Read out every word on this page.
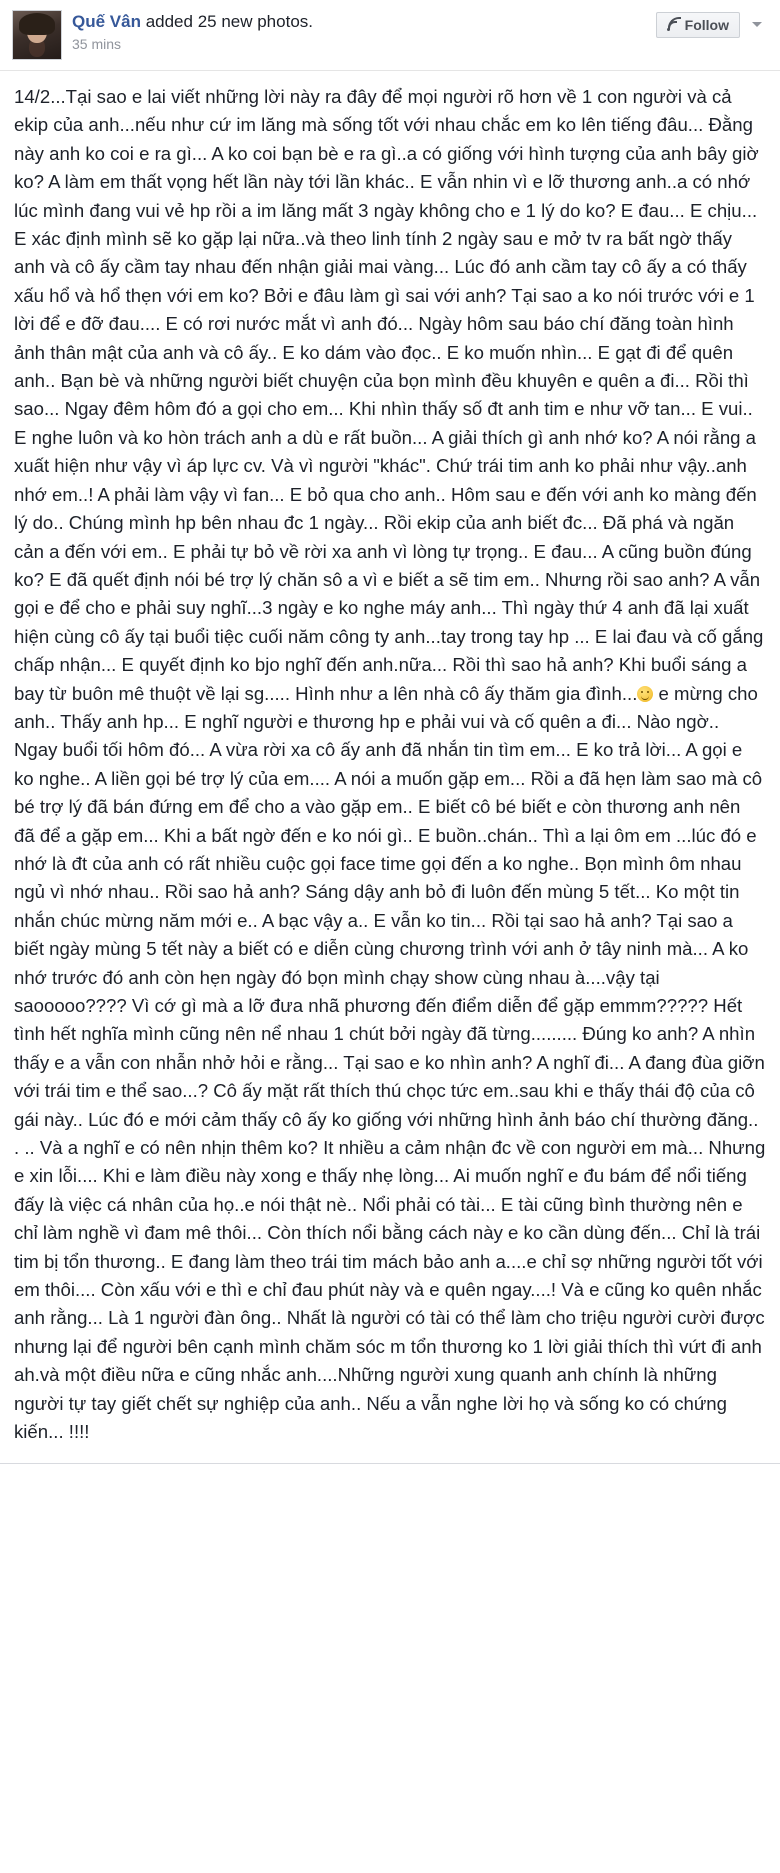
Quế Vân added 25 new photos.
35 mins
Follow
14/2...Tại sao e lai viết những lời này ra đây để mọi người rõ hơn về 1 con người và cả ekip của anh...nếu như cứ im lăng mà sống tốt với nhau chắc em ko lên tiếng đâu... Đằng này anh ko coi e ra gì... A ko coi bạn bè e ra gì..a có giống với hình tượng của anh bây giờ ko? A làm em thất vọng hết lần này tới lần khác.. E vẫn nhin vì e lỡ thương anh..a có nhớ lúc mình đang vui vẻ hp rồi a im lăng mất 3 ngày không cho e 1 lý do ko? E đau... E chịu... E xác định mình sẽ ko gặp lại nữa..và theo linh tính 2 ngày sau e mở tv ra bất ngờ thấy anh và cô ấy cầm tay nhau đến nhận giải mai vàng... Lúc đó anh cầm tay cô ấy a có thấy xấu hổ và hổ thẹn với em ko? Bởi e đâu làm gì sai với anh? Tại sao a ko nói trước với e 1 lời để e đỡ đau.... E có rơi nước mắt vì anh đó... Ngày hôm sau báo chí đăng toàn hình ảnh thân mật của anh và cô ấy.. E ko dám vào đọc.. E ko muốn nhìn... E gạt đi để quên anh.. Bạn bè và những người biết chuyện của bọn mình đều khuyên e quên a đi... Rồi thì sao... Ngay đêm hôm đó a gọi cho em... Khi nhìn thấy số đt anh tim e như vỡ tan... E vui.. E nghe luôn và ko hòn trách anh a dù e rất buồn... A giải thích gì anh nhớ ko? A nói rằng a xuất hiện như vậy vì áp lực cv. Và vì người "khác". Chứ trái tim anh ko phải như vậy..anh nhớ em..! A phải làm vậy vì fan... E bỏ qua cho anh.. Hôm sau e đến với anh ko màng đến lý do.. Chúng mình hp bên nhau đc 1 ngày... Rồi ekip của anh biết đc... Đã phá và ngăn cản a đến với em.. E phải tự bỏ về rời xa anh vì lòng tự trọng.. E đau... A cũng buồn đúng ko? E đã quết định nói bé trợ lý chăn sô a vì e biết a sẽ tim em.. Nhưng rồi sao anh? A vẫn gọi e để cho e phải suy nghĩ...3 ngày e ko nghe máy anh... Thì ngày thứ 4 anh đã lại xuất hiện cùng cô ấy tại buổi tiệc cuối năm công ty anh...tay trong tay hp ... E lai đau và cố gắng chấp nhận... E quyết định ko bjo nghĩ đến anh.nữa... Rồi thì sao hả anh? Khi buổi sáng a bay từ buôn mê thuột về lại sg..... Hình như a lên nhà cô ấy thăm gia đình... e mừng cho anh.. Thấy anh hp... E nghĩ người e thương hp e phải vui và cố quên a đi... Nào ngờ.. Ngay buổi tối hôm đó... A vừa rời xa cô ấy anh đã nhắn tin tìm em... E ko trả lời... A gọi e ko nghe.. A liền gọi bé trợ lý của em.... A nói a muốn gặp em... Rồi a đã hẹn làm sao mà cô bé trợ lý đã bán đứng em để cho a vào gặp em.. E biết cô bé biết e còn thương anh nên đã để a gặp em... Khi a bất ngờ đến e ko nói gì.. E buồn..chán.. Thì a lại ôm em ...lúc đó e nhớ là đt của anh có rất nhiều cuộc gọi face time gọi đến a ko nghe.. Bọn mình ôm nhau ngủ vì nhớ nhau.. Rồi sao hả anh? Sáng dậy anh bỏ đi luôn đến mùng 5 tết... Ko một tin nhắn chúc mừng năm mới e.. A bạc vậy a.. E vẫn ko tin... Rồi tại sao hả anh? Tại sao a biết ngày mùng 5 tết này a biết có e diễn cùng chương trình với anh ở tây ninh mà... A ko nhớ trước đó anh còn hẹn ngày đó bọn mình chạy show cùng nhau à....vậy tại saooooo???? Vì cớ gì mà a lỡ đưa nhã phương đến điểm diễn để gặp emmm????? Hết tình hết nghĩa mình cũng nên nể nhau 1 chút bởi ngày đã từng......... Đúng ko anh? A nhìn thấy e a vẫn con nhẫn nhở hỏi e rằng... Tại sao e ko nhìn anh? A nghĩ đi... A đang đùa giỡn với trái tim e thể sao...? Cô ấy mặt rất thích thú chọc tức em..sau khi e thấy thái độ của cô gái này.. Lúc đó e mới cảm thấy cô ấy ko giống với những hình ảnh báo chí thường đăng.. . .. Và a nghĩ e có nên nhịn thêm ko? It nhiều a cảm nhận đc về con người em mà... Nhưng e xin lỗi.... Khi e làm điều này xong e thấy nhẹ lòng... Ai muốn nghĩ e đu bám để nổi tiếng đấy là việc cá nhân của họ..e nói thật nè.. Nổi phải có tài... E tài cũng bình thường nên e chỉ làm nghề vì đam mê thôi... Còn thích nổi bằng cách này e ko cần dùng đến... Chỉ là trái tim bị tổn thương.. E đang làm theo trái tim mách bảo anh a....e chỉ sợ những người tốt với em thôi.... Còn xấu với e thì e chỉ đau phút này và e quên ngay....! Và e cũng ko quên nhắc anh rằng... Là 1 người đàn ông.. Nhất là người có tài có thể làm cho triệu người cười được nhưng lại để người bên cạnh mình chăm sóc m tổn thương ko 1 lời giải thích thì vứt đi anh ah.và một điều nữa e cũng nhắc anh....Những người xung quanh anh chính là những người tự tay giết chết sự nghiệp của anh.. Nếu a vẫn nghe lời họ và sống ko có chứng kiến... !!!!
